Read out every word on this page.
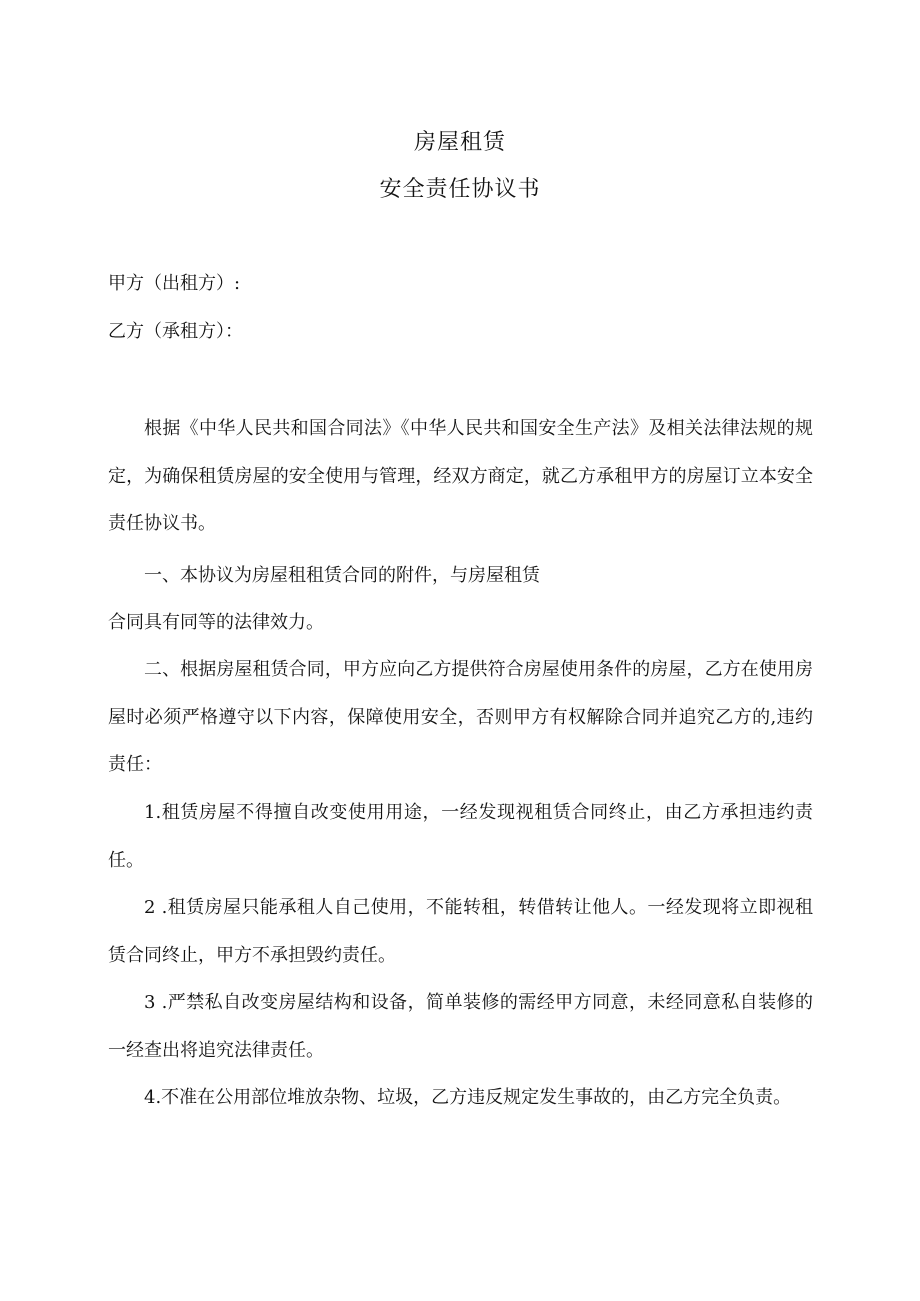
房屋租赁
安全责任协议书
甲方（出租方）:
乙方（承租方）：

根据《中华人民共和国合同法》《中华人民共和国安全生产法》及相关法律法规的规定，为确保租赁房屋的安全使用与管理，经双方商定，就乙方承租甲方的房屋订立本安全责任协议书。

一、本协议为房屋租租赁合同的附件，与房屋租赁
合同具有同等的法律效力。

二、根据房屋租赁合同，甲方应向乙方提供符合房屋使用条件的房屋，乙方在使用房屋时必须严格遵守以下内容，保障使用安全，否则甲方有权解除合同并追究乙方的,违约责任：

1.租赁房屋不得擅自改变使用用途，一经发现视租赁合同终止，由乙方承担违约责任。

2 .租赁房屋只能承租人自己使用，不能转租，转借转让他人。一经发现将立即视租赁合同终止，甲方不承担毁约责任。

3 .严禁私自改变房屋结构和设备，简单装修的需经甲方同意，未经同意私自装修的一经查出将追究法律责任。

4.不准在公用部位堆放杂物、垃圾，乙方违反规定发生事故的，由乙方完全负责。
